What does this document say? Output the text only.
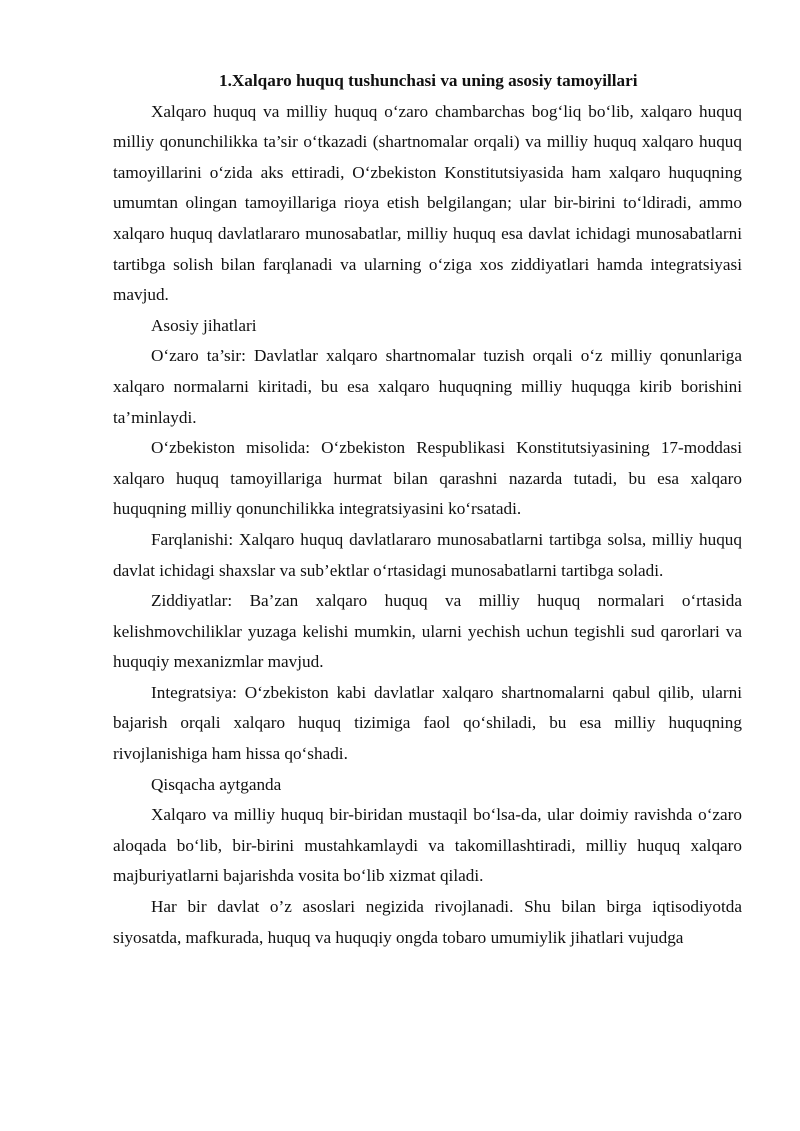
1.Xalqaro huquq tushunchasi va uning asosiy tamoyillari

Xalqaro huquq va milliy huquq o‘zaro chambarchas bog‘liq bo‘lib, xalqaro huquq milliy qonunchilikka ta’sir o‘tkazadi (shartnomalar orqali) va milliy huquq xalqaro huquq tamoyillarini o‘zida aks ettiradi, O‘zbekiston Konstitutsiyasida ham xalqaro huquqning umumtan olingan tamoyillariga rioya etish belgilangan; ular bir-birini to‘ldiradi, ammo xalqaro huquq davlatlararo munosabatlar, milliy huquq esa davlat ichidagi munosabatlarni tartibga solish bilan farqlanadi va ularning o‘ziga xos ziddiyatlari hamda integratsiyasi mavjud.

Asosiy jihatlari

O‘zaro ta’sir: Davlatlar xalqaro shartnomalar tuzish orqali o‘z milliy qonunlariga xalqaro normalarni kiritadi, bu esa xalqaro huquqning milliy huquqga kirib borishini ta’minlaydi.

O‘zbekiston misolida: O‘zbekiston Respublikasi Konstitutsiyasining 17-moddasi xalqaro huquq tamoyillariga hurmat bilan qarashni nazarda tutadi, bu esa xalqaro huquqning milliy qonunchilikka integratsiyasini ko‘rsatadi.

Farqlanishi: Xalqaro huquq davlatlararo munosabatlarni tartibga solsa, milliy huquq davlat ichidagi shaxslar va sub’ektlar o‘rtasidagi munosabatlarni tartibga soladi.

Ziddiyatlar: Ba’zan xalqaro huquq va milliy huquq normalari o‘rtasida kelishmovchiliklar yuzaga kelishi mumkin, ularni yechish uchun tegishli sud qarorlari va huquqiy mexanizmlar mavjud.

Integratsiya: O‘zbekiston kabi davlatlar xalqaro shartnomalarni qabul qilib, ularni bajarish orqali xalqaro huquq tizimiga faol qo‘shiladi, bu esa milliy huquqning rivojlanishiga ham hissa qo‘shadi.

Qisqacha aytganda

Xalqaro va milliy huquq bir-biridan mustaqil bo‘lsa-da, ular doimiy ravishda o‘zaro aloqada bo‘lib, bir-birini mustahkamlaydi va takomillashtiradi, milliy huquq xalqaro majburiyatlarni bajarishda vosita bo‘lib xizmat qiladi.

Har bir davlat o’z asoslari negizida rivojlanadi. Shu bilan birga iqtisodiyotda siyosatda, mafkurada, huquq va huquqiy ongda tobaro umumiylik jihatlari vujudga
